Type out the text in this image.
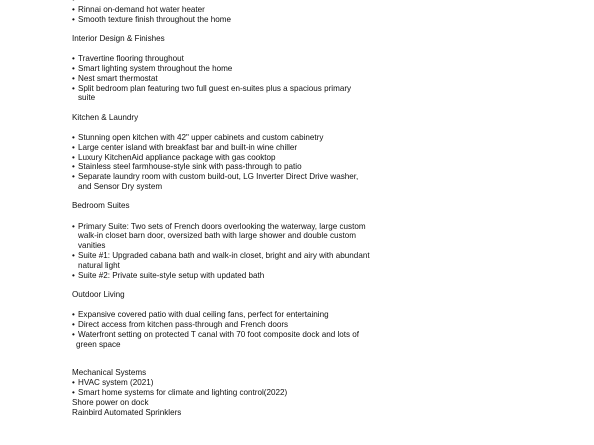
•
• Rinnai on-demand hot water heater
• Smooth texture finish throughout the home
Interior Design & Finishes
• Travertine flooring throughout
• Smart lighting system throughout the home
• Nest smart thermostat
• Split bedroom plan featuring two full guest en-suites plus a spacious primary
suite
Kitchen & Laundry
• Stunning open kitchen with 42" upper cabinets and custom cabinetry
• Large center island with breakfast bar and built-in wine chiller
• Luxury KitchenAid appliance package with gas cooktop
• Stainless steel farmhouse-style sink with pass-through to patio
• Separate laundry room with custom build-out, LG Inverter Direct Drive washer,
and Sensor Dry system
Bedroom Suites
• Primary Suite: Two sets of French doors overlooking the waterway, large custom
walk-in closet barn door, oversized bath with large shower and double custom
vanities
• Suite #1: Upgraded cabana bath and walk-in closet, bright and airy with abundant
natural light
• Suite #2: Private suite-style setup with updated bath
Outdoor Living
• Expansive covered patio with dual ceiling fans, perfect for entertaining
• Direct access from kitchen pass-through and French doors
• Waterfront setting on protected T canal with 70 foot composite dock and lots of
green space
Mechanical Systems
• HVAC system (2021)
• Smart home systems for climate and lighting control(2022)
Shore power on dock
Rainbird Automated Sprinklers
